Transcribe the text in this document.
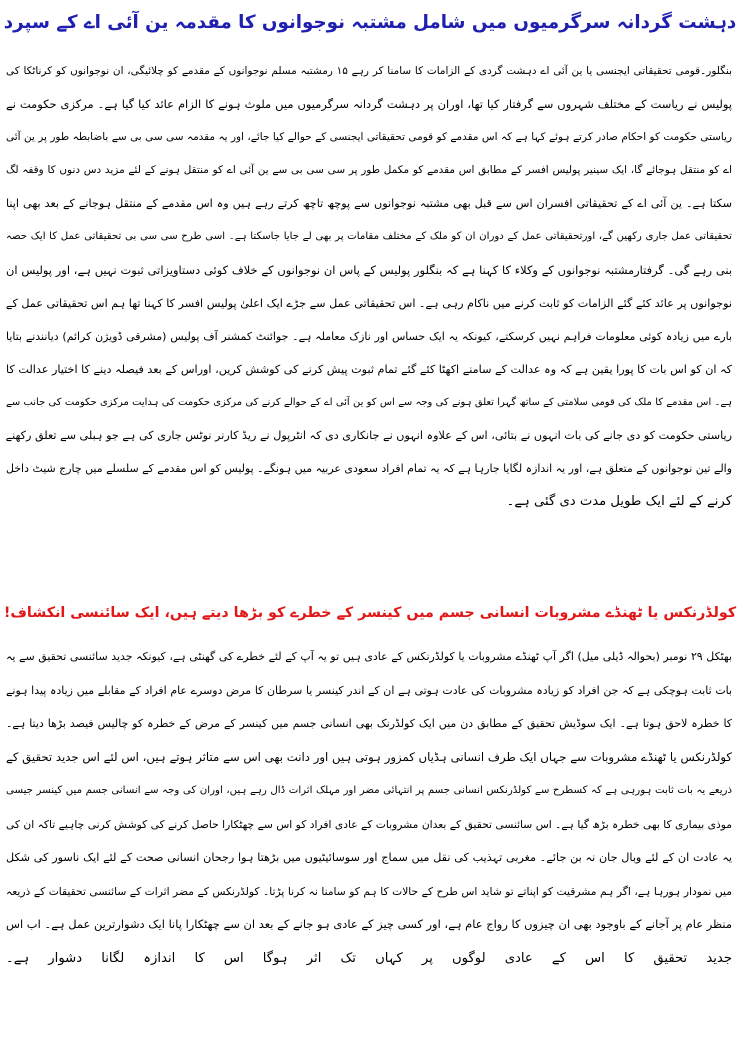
دہشت گردانہ سرگرمیوں میں شامل مشتبہ نوجوانوں کا مقدمہ ین آئی اے کے سپرد
بنگلور۔قومی تحقیقاتی ایجنسی یا ین آئی اے دہشت گردی کے الزامات کا سامنا کر رہے ۱۵ رمشتبہ مسلم نوجوانوں کے مقدمے کو چلائیگی، ان نوجوانوں کو کرناٹکا کی
پولیس نے ریاست کے مختلف شہروں سے گرفتار کیا تھا، اوران پر دہشت گردانہ سرگرمیوں میں ملوث ہونے کا الزام عائد کیا گیا ہے۔ مرکزی حکومت نے
ریاستی حکومت کو احکام صادر کرتے ہوئے کہا ہے کہ اس مقدمے کو قومی تحقیقاتی ایجنسی کے حوالے کیا جائے، اور یہ مقدمہ سی سی بی سے باضابطہ طور پر ین آئی
اے کو منتقل ہوجائے گا، ایک سینیر پولیس افسر کے مطابق اس مقدمے کو مکمل طور پر سی سی بی سے ین آئی اے کو منتقل ہونے کے لئے مزید دس دنوں کا وقفہ لگ
سکتا ہے۔ ین آئی اے کے تحقیقاتی افسران اس سے قبل بھی مشتبہ نوجوانوں سے پوچھ تاچھ کرتے رہے ہیں وہ اس مقدمے کے منتقل ہوجانے کے بعد بھی اپنا
تحقیقاتی عمل جاری رکھیں گے، اورتحقیقاتی عمل کے دوران ان کو ملک کے مختلف مقامات پر بھی لے جایا جاسکتا ہے۔ اسی طرح سی سی بی تحقیقاتی عمل کا ایک حصہ
بنی رہے گی۔ گرفتارمشتبہ نوجوانوں کے وکلاء کا کہنا ہے کہ بنگلور پولیس کے پاس ان نوجوانوں کے خلاف کوئی دستاویزاتی ثبوت نہیں ہے، اور پولیس ان
نوجوانوں پر عائد کئے گئے الزامات کو ثابت کرنے میں ناکام رہی ہے۔ اس تحقیقاتی عمل سے جڑے ایک اعلیٰ پولیس افسر کا کہنا تھا ہم اس تحقیقاتی عمل کے
بارے میں زیادہ کوئی معلومات فراہم نہیں کرسکتے، کیونکہ یہ ایک حساس اور نازک معاملہ ہے۔ جوائنٹ کمشنر آف پولیس (مشرقی ڈویژن کرائم) دیانندنے بتایا
کہ ان کو اس بات کا پورا یقین ہے کہ وہ عدالت کے سامنے اکھٹا کئے گئے تمام ثبوت پیش کرنے کی کوشش کریں، اوراس کے بعد فیصلہ دینے کا اختیار عدالت کا
ہے۔ اس مقدمے کا ملک کی قومی سلامتی کے ساتھ گہرا تعلق ہونے کی وجہ سے اس کو ین آئی اے کے حوالے کرنے کی مرکزی حکومت کی ہدایت مرکزی حکومت کی جانب سے
ریاستی حکومت کو دی جانے کی بات انہوں نے بتائی، اس کے علاوہ انہوں نے جانکاری دی کہ انٹرپول نے ریڈ کارنر نوٹس جاری کی ہے جو ہبلی سے تعلق رکھنے
والے تین نوجوانوں کے متعلق ہے، اور یہ اندازہ لگایا جارہا ہے کہ یہ تمام افراد سعودی عربیہ میں ہونگے۔ پولیس کو اس مقدمے کے سلسلے میں چارج شیٹ داخل
کرنے کے لئے ایک طویل مدت دی گئی ہے۔
کولڈرنکس یا ٹھنڈے مشروبات انسانی جسم میں کینسر کے خطرے کو بڑھا دیتے ہیں، ایک سائنسی انکشاف!
بھٹکل ۲۹ نومبر (بحوالہ ڈیلی میل) اگر آپ ٹھنڈے مشروبات یا کولڈرنکس کے عادی ہیں تو یہ آپ کے لئے خطرے کی گھنٹی ہے، کیونکہ جدید سائنسی تحقیق سے یہ
بات ثابت ہوچکی ہے کہ جن افراد کو زیادہ مشروبات کی عادت ہوتی ہے ان کے اندر کینسر یا سرطان کا مرض دوسرے عام افراد کے مقابلے میں زیادہ پیدا ہونے
کا خطرہ لاحق ہوتا ہے۔ ایک سوڈیش تحقیق کے مطابق دن میں ایک کولڈرنک بھی انسانی جسم میں کینسر کے مرض کے خطرہ کو چالیس فیصد بڑھا دیتا ہے۔
کولڈرنکس یا ٹھنڈے مشروبات سے جہاں ایک طرف انسانی ہڈیاں کمزور ہوتی ہیں اور دانت بھی اس سے متاثر ہوتے ہیں، اس لئے اس جدید تحقیق کے
ذریعے یہ بات ثابت ہورہی ہے کہ کسطرح سے کولڈرنکس انسانی جسم پر انتہائی مضر اور مہلک اثرات ڈال رہے ہیں، اوران کی وجہ سے انسانی جسم میں کینسر جیسی
موذی بیماری کا بھی خطرہ بڑھ گیا ہے۔ اس سائنسی تحقیق کے بعدان مشروبات کے عادی افراد کو اس سے چھٹکارا حاصل کرنے کی کوشش کرنی چاہیے تاکہ ان کی
یہ عادت ان کے لئے وبال جان نہ بن جائے۔ مغربی تہذیب کی نقل میں سماج اور سوسائیٹیوں میں بڑھتا ہوا رجحان انسانی صحت کے لئے ایک ناسور کی شکل
میں نمودار ہورہا ہے، اگر ہم مشرقیت کو اپناتے تو شاید اس طرح کے حالات کا ہم کو سامنا نہ کرنا پڑتا۔ کولڈرنکس کے مضر اثرات کے سائنسی تحقیقات کے ذریعہ
منظر عام پر آجانے کے باوجود بھی ان چیزوں کا رواج عام ہے، اور کسی چیز کے عادی ہو جانے کے بعد ان سے چھٹکارا پانا ایک دشوارترین عمل ہے۔ اب اس
جدید تحقیق کا اس کے عادی لوگوں پر کہاں تک اثر ہوگا اس کا اندازہ لگانا دشوار ہے۔
